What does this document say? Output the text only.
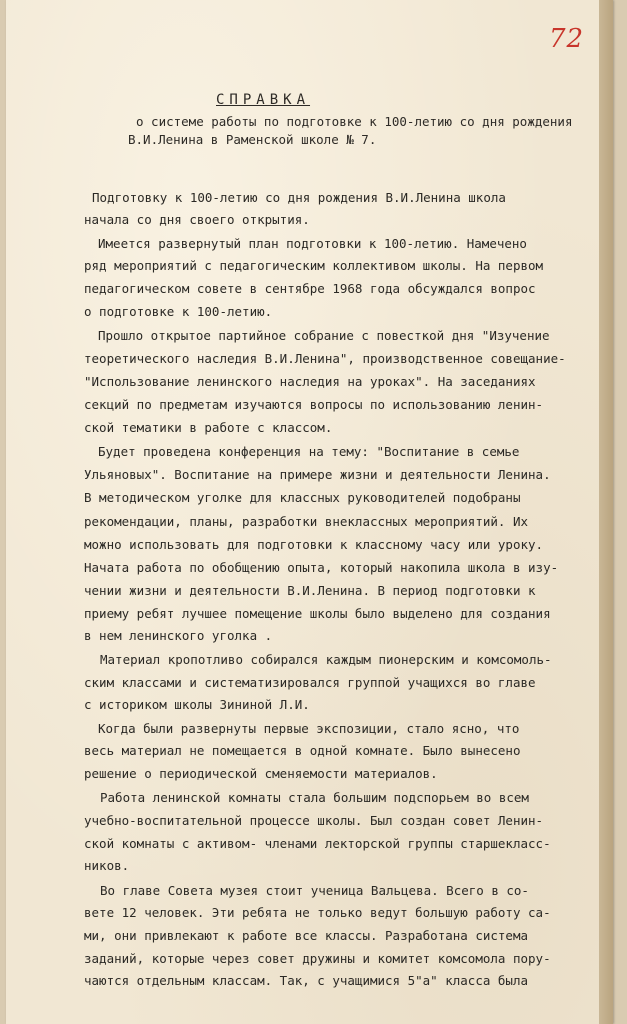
72
СПРАВКА
о системе работы по подготовке к 100-летию со дня рождения
В.И.Ленина в Раменской школе № 7.
Подготовку к 100-летию со дня рождения В.И.Ленина школа
начала со дня своего открытия.
Имеется развернутый план подготовки к 100-летию. Намечено
ряд мероприятий с педагогическим коллективом школы. На первом
педагогическом совете в сентябре 1968 года обсуждался вопрос
о подготовке к 100-летию.
Прошло открытое партийное собрание с повесткой дня "Изучение
теоретического наследия В.И.Ленина", производственное совещание-
"Использование ленинского наследия на уроках". На заседаниях
секций по предметам изучаются вопросы по использованию ленин-
ской тематики в работе с классом.
Будет проведена конференция на тему: "Воспитание в семье
Ульяновых". Воспитание на примере жизни и деятельности Ленина.
В методическом уголке для классных руководителей подобраны
рекомендации, планы, разработки внеклассных мероприятий. Их
можно использовать для подготовки к классному часу или уроку.
Начата работа по обобщению опыта, который накопила школа в изу-
чении жизни и деятельности В.И.Ленина. В период подготовки к
приему ребят лучшее помещение школы было выделено для создания
в нем ленинского уголка .
Материал кропотливо собирался каждым пионерским и комсомоль-
ским классами и систематизировался группой учащихся во главе
с историком школы Зининой Л.И.
Когда были развернуты первые экспозиции, стало ясно, что
весь материал не помещается в одной комнате. Было вынесено
решение о периодической сменяемости материалов.
Работа ленинской комнаты стала большим подспорьем во всем
учебно-воспитательной процессе школы. Был создан совет Ленин-
ской комнаты с активом- членами лекторской группы старшекласс-
ников.
Во главе Совета музея стоит ученица Вальцева. Всего в со-
вете 12 человек. Эти ребята не только ведут большую работу са-
ми, они привлекают к работе все классы. Разработана система
заданий, которые через совет дружины и комитет комсомола пору-
чаются отдельным классам. Так, с учащимися 5"а" класса была
